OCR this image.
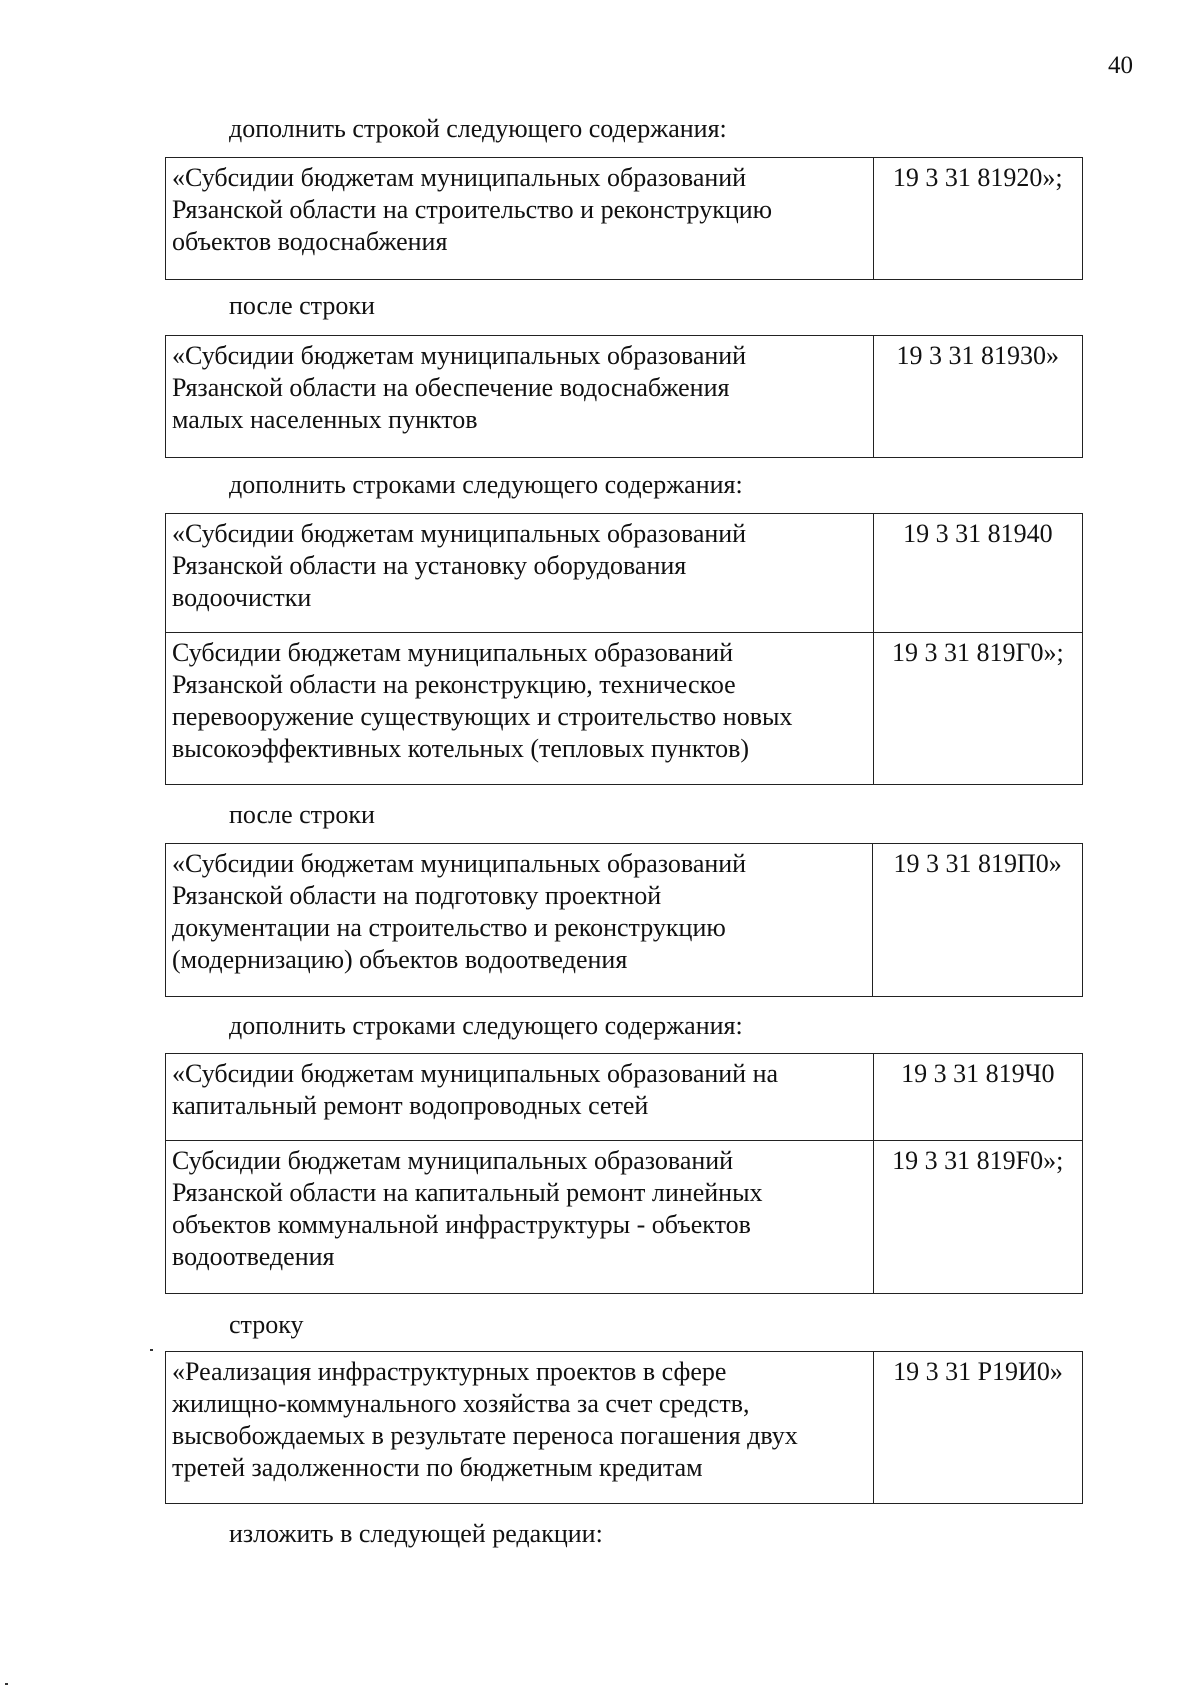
40
дополнить строкой следующего содержания:
«Субсидии бюджетам муниципальных образований
Рязанской области на строительство и реконструкцию
объектов водоснабжения
	19 3 31 81920»;
после строки
«Субсидии бюджетам муниципальных образований
Рязанской области на обеспечение водоснабжения
малых населенных пунктов
	19 3 31 81930»
дополнить строками следующего содержания:
«Субсидии бюджетам муниципальных образований
Рязанской области на установку оборудования
водоочистки	19 3 31 81940

Субсидии бюджетам муниципальных образований
Рязанской области на реконструкцию, техническое
перевооружение существующих и строительство новых
высокоэффективных котельных (тепловых пунктов)	19 3 31 819Г0»;
после строки
«Субсидии бюджетам муниципальных образований
Рязанской области на подготовку проектной
документации на строительство и реконструкцию
(модернизацию) объектов водоотведения
	19 3 31 819П0»
дополнить строками следующего содержания:
«Субсидии бюджетам муниципальных образований на
капитальный ремонт водопроводных сетей	19 3 31 819Ч0

Субсидии бюджетам муниципальных образований
Рязанской области на капитальный ремонт линейных
объектов коммунальной инфраструктуры - объектов
водоотведения	19 3 31 819F0»;
строку
«Реализация инфраструктурных проектов в сфере
жилищно-коммунального хозяйства за счет средств,
высвобождаемых в результате переноса погашения двух
третей задолженности по бюджетным кредитам
	19 3 31 Р19И0»
изложить в следующей редакции:
